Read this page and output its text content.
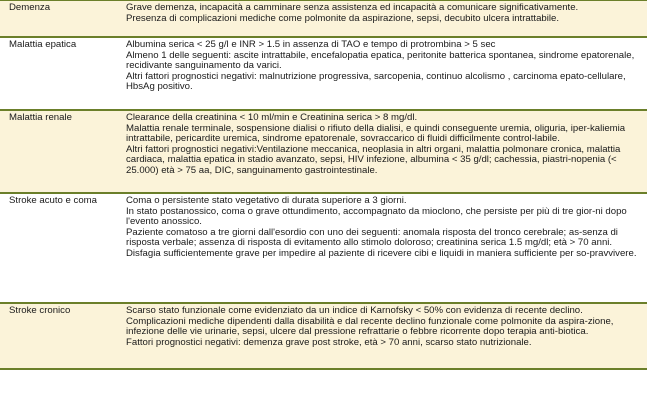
Demenza	Grave demenza, incapacità a camminare senza assistenza ed incapacità a comunicare significativamente.

Presenza di complicazioni mediche come polmonite da aspirazione, sepsi, decubito ulcera intrattabile.

Malattia epatica	Albumina serica < 25 g/l e INR > 1.5 in assenza di TAO e tempo di protrombina > 5 sec

Almeno 1 delle seguenti: ascite intrattabile, encefalopatia epatica, peritonite batterica spontanea, sindrome epatorenale, recidivante sanguinamento da varici.

Altri fattori prognostici negativi: malnutrizione progressiva, sarcopenia, continuo alcolismo , carcinoma epato-cellulare, HbsAg positivo.

Malattia renale	Clearance della creatinina < 10 ml/min e Creatinina serica > 8 mg/dl.

Malattia renale terminale, sospensione dialisi o rifiuto della dialisi, e quindi conseguente uremia, oliguria, iper-kaliemia intrattabile, pericardite uremica, sindrome epatorenale, sovraccarico di fluidi difficilmente control-labile.

Altri fattori prognostici negativi:Ventilazione meccanica, neoplasia in altri organi, malattia polmonare cronica, malattia cardiaca, malattia epatica in stadio avanzato, sepsi, HIV infezione, albumina < 35 g/dl; cachessia, piastri-nopenia (< 25.000) età > 75 aa, DIC, sanguinamento gastrointestinale.

Stroke acuto e coma	Coma o persistente stato vegetativo di durata superiore a 3 giorni.

In stato postanossico, coma o grave ottundimento, accompagnato da mioclono, che persiste per più di tre gior-ni dopo l'evento anossico.

Paziente comatoso a tre giorni dall'esordio con uno dei seguenti: anomala risposta del tronco cerebrale; as-senza di risposta verbale; assenza di risposta di evitamento allo stimolo doloroso; creatinina serica 1.5 mg/dl; età > 70 anni.

Disfagia sufficientemente grave per impedire al paziente di ricevere cibi e liquidi in maniera sufficiente per so-pravvivere.

Stroke cronico	Scarso stato funzionale come evidenziato da un indice di Karnofsky < 50% con evidenza di recente declino.

Complicazioni mediche dipendenti dalla disabilità e dal recente declino funzionale come polmonite da aspira-zione, infezione delle vie urinarie, sepsi, ulcere dal pressione refrattarie o febbre ricorrente dopo terapia anti-biotica.

Fattori prognostici negativi: demenza grave post stroke, età > 70 anni, scarso stato nutrizionale.
